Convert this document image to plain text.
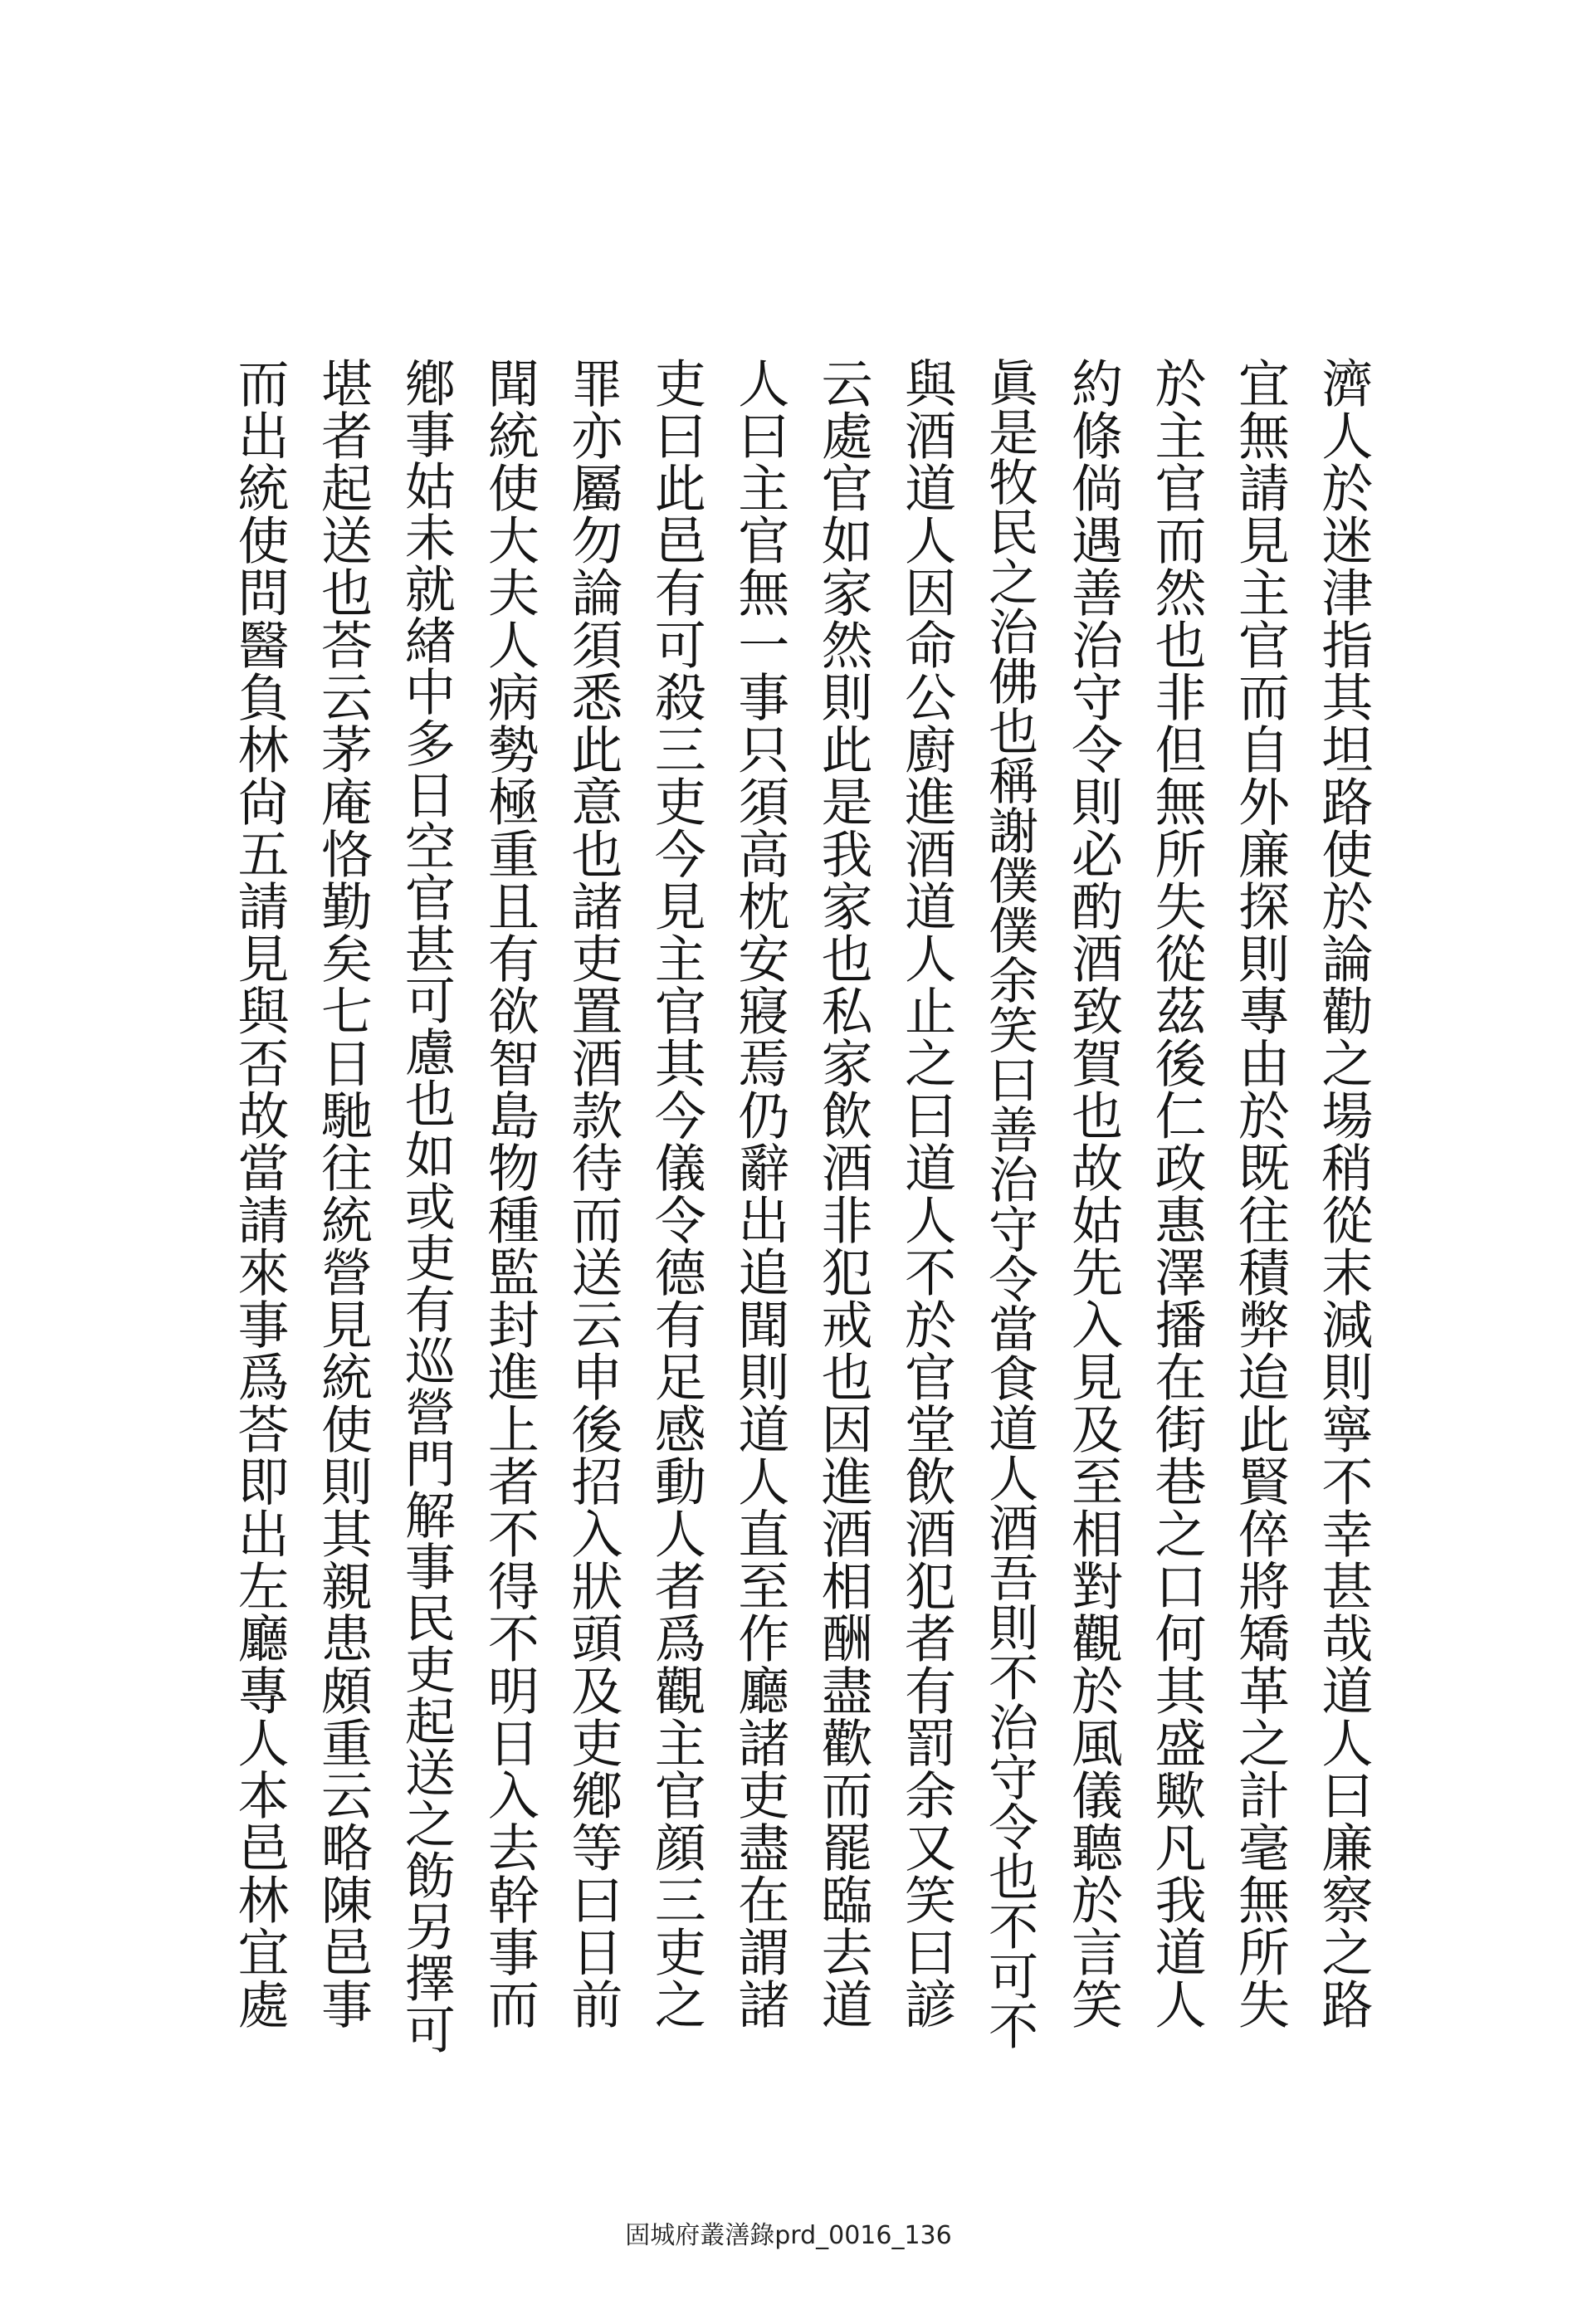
濟人於迷津指其坦路使於論勸之場稍從末減則寧不幸甚哉道人曰廉察之路
宜無請見主官而自外廉探則專由於既往積弊迨此賢倅將矯革之計毫無所失
於主官而然也非但無所失從茲後仁政惠澤播在街巷之口何其盛歟凡我道人
約條倘遇善治守令則必酌酒致賀也故姑先入見及至相對觀於風儀聽於言笑
眞是牧民之治佛也稱謝僕僕余笑曰善治守令當食道人酒吾則不治守令也不可不
與酒道人因命公廚進酒道人止之曰道人不於官堂飲酒犯者有罰余又笑曰諺
云處官如家然則此是我家也私家飲酒非犯戒也因進酒相酬盡歡而罷臨去道
人曰主官無一事只須高枕安寢焉仍辭出追聞則道人直至作廳諸吏盡在謂諸
吏曰此邑有可殺三吏今見主官其今儀令德有足感動人者爲觀主官顔三吏之
罪亦屬勿論須悉此意也諸吏置酒款待而送云申後招入狀頭及吏鄕等曰日前
聞統使大夫人病勢極重且有欲智島物種監封進上者不得不明日入去幹事而
鄕事姑未就緖中多日空官甚可慮也如或吏有巡營門解事民吏起送之飭另擇可
堪者起送也荅云茅庵恪勤矣七日馳往統營見統使則其親患頗重云略陳邑事
而出統使問醫負林尙五請見與否故當請來事爲荅即出左廳專人本邑林宜處
固城府叢㵛錄prd_0016_136
